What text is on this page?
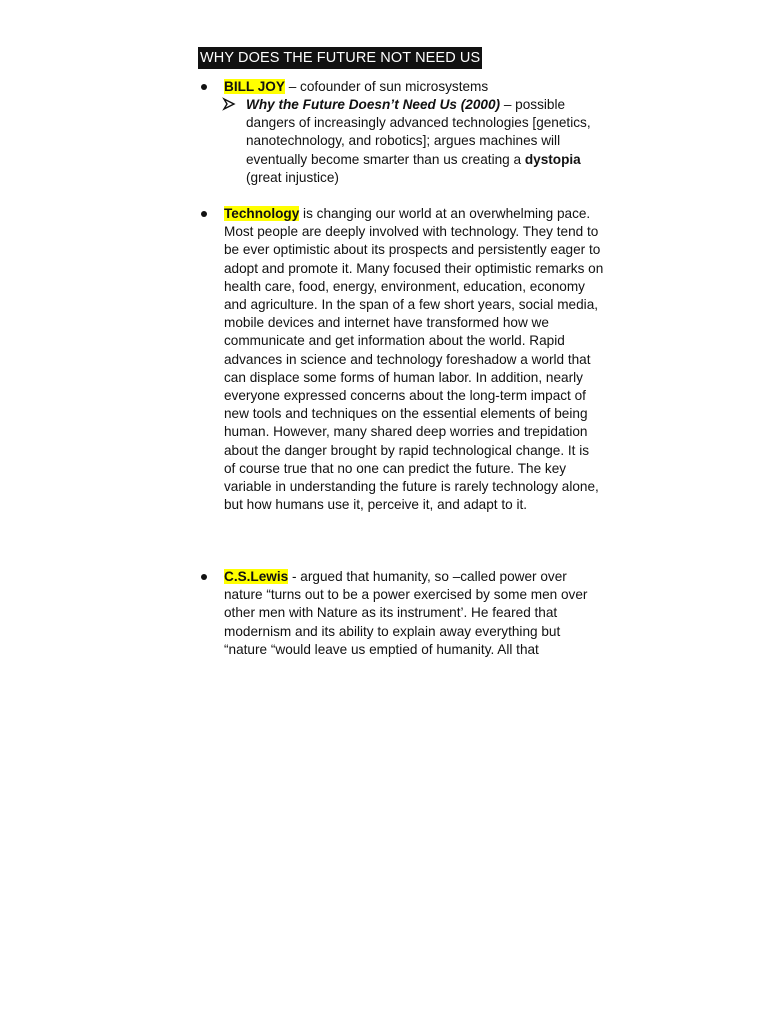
WHY DOES THE FUTURE NOT NEED US

BILL JOY – cofounder of sun microsystems

Why the Future Doesn’t Need Us (2000) – possible dangers of increasingly advanced technologies [genetics, nanotechnology, and robotics]; argues machines will eventually become smarter than us creating a dystopia (great injustice)

Technology is changing our world at an overwhelming pace. Most people are deeply involved with technology. They tend to be ever optimistic about its prospects and persistently eager to adopt and promote it. Many focused their optimistic remarks on health care, food, energy, environment, education, economy and agriculture. In the span of a few short years, social media, mobile devices and internet have transformed how we communicate and get information about the world. Rapid advances in science and technology foreshadow a world that can displace some forms of human labor. In addition, nearly everyone expressed concerns about the long-term impact of new tools and techniques on the essential elements of being human. However, many shared deep worries and trepidation about the danger brought by rapid technological change. It is of course true that no one can predict the future. The key variable in understanding the future is rarely technology alone, but how humans use it, perceive it, and adapt to it.

C.S.Lewis - argued that humanity, so –called power over nature “turns out to be a power exercised by some men over other men with Nature as its instrument’. He feared that modernism and its ability to explain away everything but “nature “would leave us emptied of humanity. All that
